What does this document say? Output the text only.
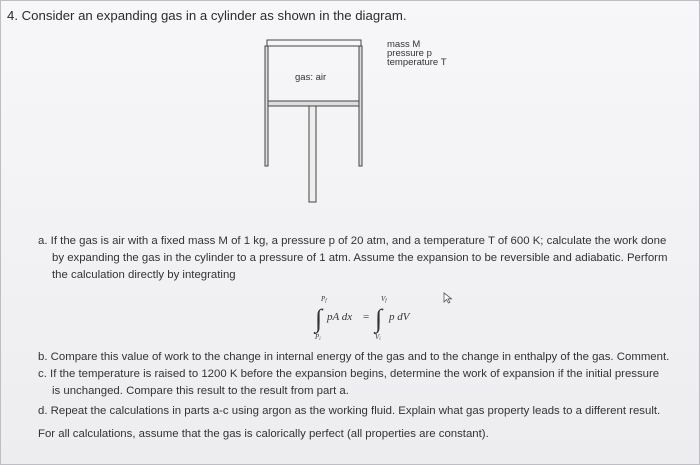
4. Consider an expanding gas in a cylinder as shown in the diagram.
gas: air
mass M
pressure p
temperature T
a. If the gas is air with a fixed mass M of 1 kg, a pressure p of 20 atm, and a temperature T of 600 K; calculate the work done
by expanding the gas in the cylinder to a pressure of 1 atm. Assume the expansion to be reversible and adiabatic. Perform
the calculation directly by integrating
∫
Pf
Pi
pA dx = ∫
Vf
Vi
p dV
b. Compare this value of work to the change in internal energy of the gas and to the change in enthalpy of the gas. Comment.
c. If the temperature is raised to 1200 K before the expansion begins, determine the work of expansion if the initial pressure
is unchanged. Compare this result to the result from part a.
d. Repeat the calculations in parts a-c using argon as the working fluid. Explain what gas property leads to a different result.
For all calculations, assume that the gas is calorically perfect (all properties are constant).
